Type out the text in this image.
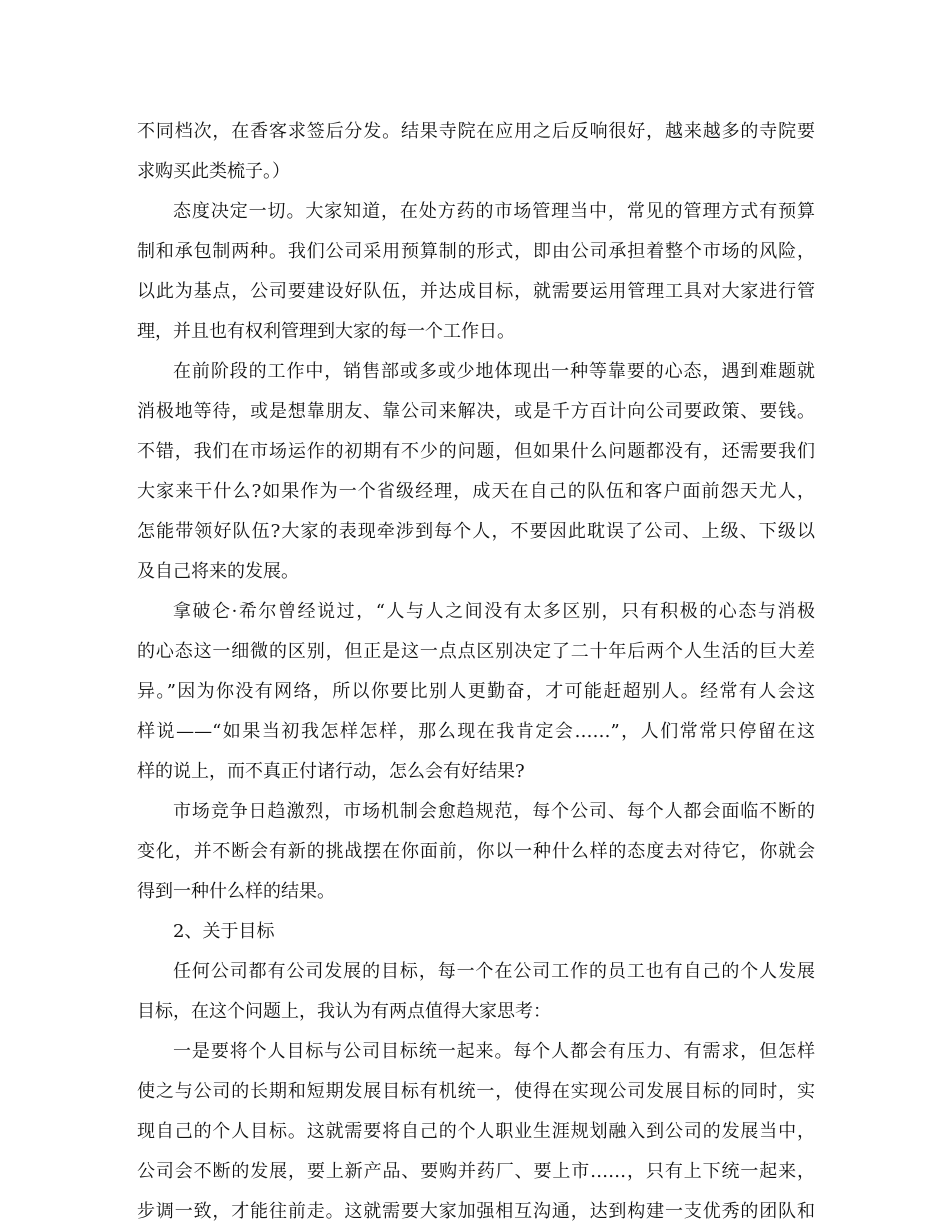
不同档次，在香客求签后分发。结果寺院在应用之后反响很好，越来越多的寺院要
求购买此类梳子。）
态度决定一切。大家知道，在处方药的市场管理当中，常见的管理方式有预算
制和承包制两种。我们公司采用预算制的形式，即由公司承担着整个市场的风险，
以此为基点，公司要建设好队伍，并达成目标，就需要运用管理工具对大家进行管
理，并且也有权利管理到大家的每一个工作日。
在前阶段的工作中，销售部或多或少地体现出一种等靠要的心态，遇到难题就
消极地等待，或是想靠朋友、靠公司来解决，或是千方百计向公司要政策、要钱。
不错，我们在市场运作的初期有不少的问题，但如果什么问题都没有，还需要我们
大家来干什么?如果作为一个省级经理，成天在自己的队伍和客户面前怨天尤人，
怎能带领好队伍?大家的表现牵涉到每个人，不要因此耽误了公司、上级、下级以
及自己将来的发展。
拿破仑·希尔曾经说过，“人与人之间没有太多区别，只有积极的心态与消极
的心态这一细微的区别，但正是这一点点区别决定了二十年后两个人生活的巨大差
异。”因为你没有网络，所以你要比别人更勤奋，才可能赶超别人。经常有人会这
样说——“如果当初我怎样怎样，那么现在我肯定会……”，人们常常只停留在这
样的说上，而不真正付诸行动，怎么会有好结果?
市场竞争日趋激烈，市场机制会愈趋规范，每个公司、每个人都会面临不断的
变化，并不断会有新的挑战摆在你面前，你以一种什么样的态度去对待它，你就会
得到一种什么样的结果。
2、关于目标
任何公司都有公司发展的目标，每一个在公司工作的员工也有自己的个人发展
目标，在这个问题上，我认为有两点值得大家思考：
一是要将个人目标与公司目标统一起来。每个人都会有压力、有需求，但怎样
使之与公司的长期和短期发展目标有机统一，使得在实现公司发展目标的同时，实
现自己的个人目标。这就需要将自己的个人职业生涯规划融入到公司的发展当中，
公司会不断的发展，要上新产品、要购并药厂、要上市……，只有上下统一起来，
步调一致，才能往前走。这就需要大家加强相互沟通，达到构建一支优秀的团队和
